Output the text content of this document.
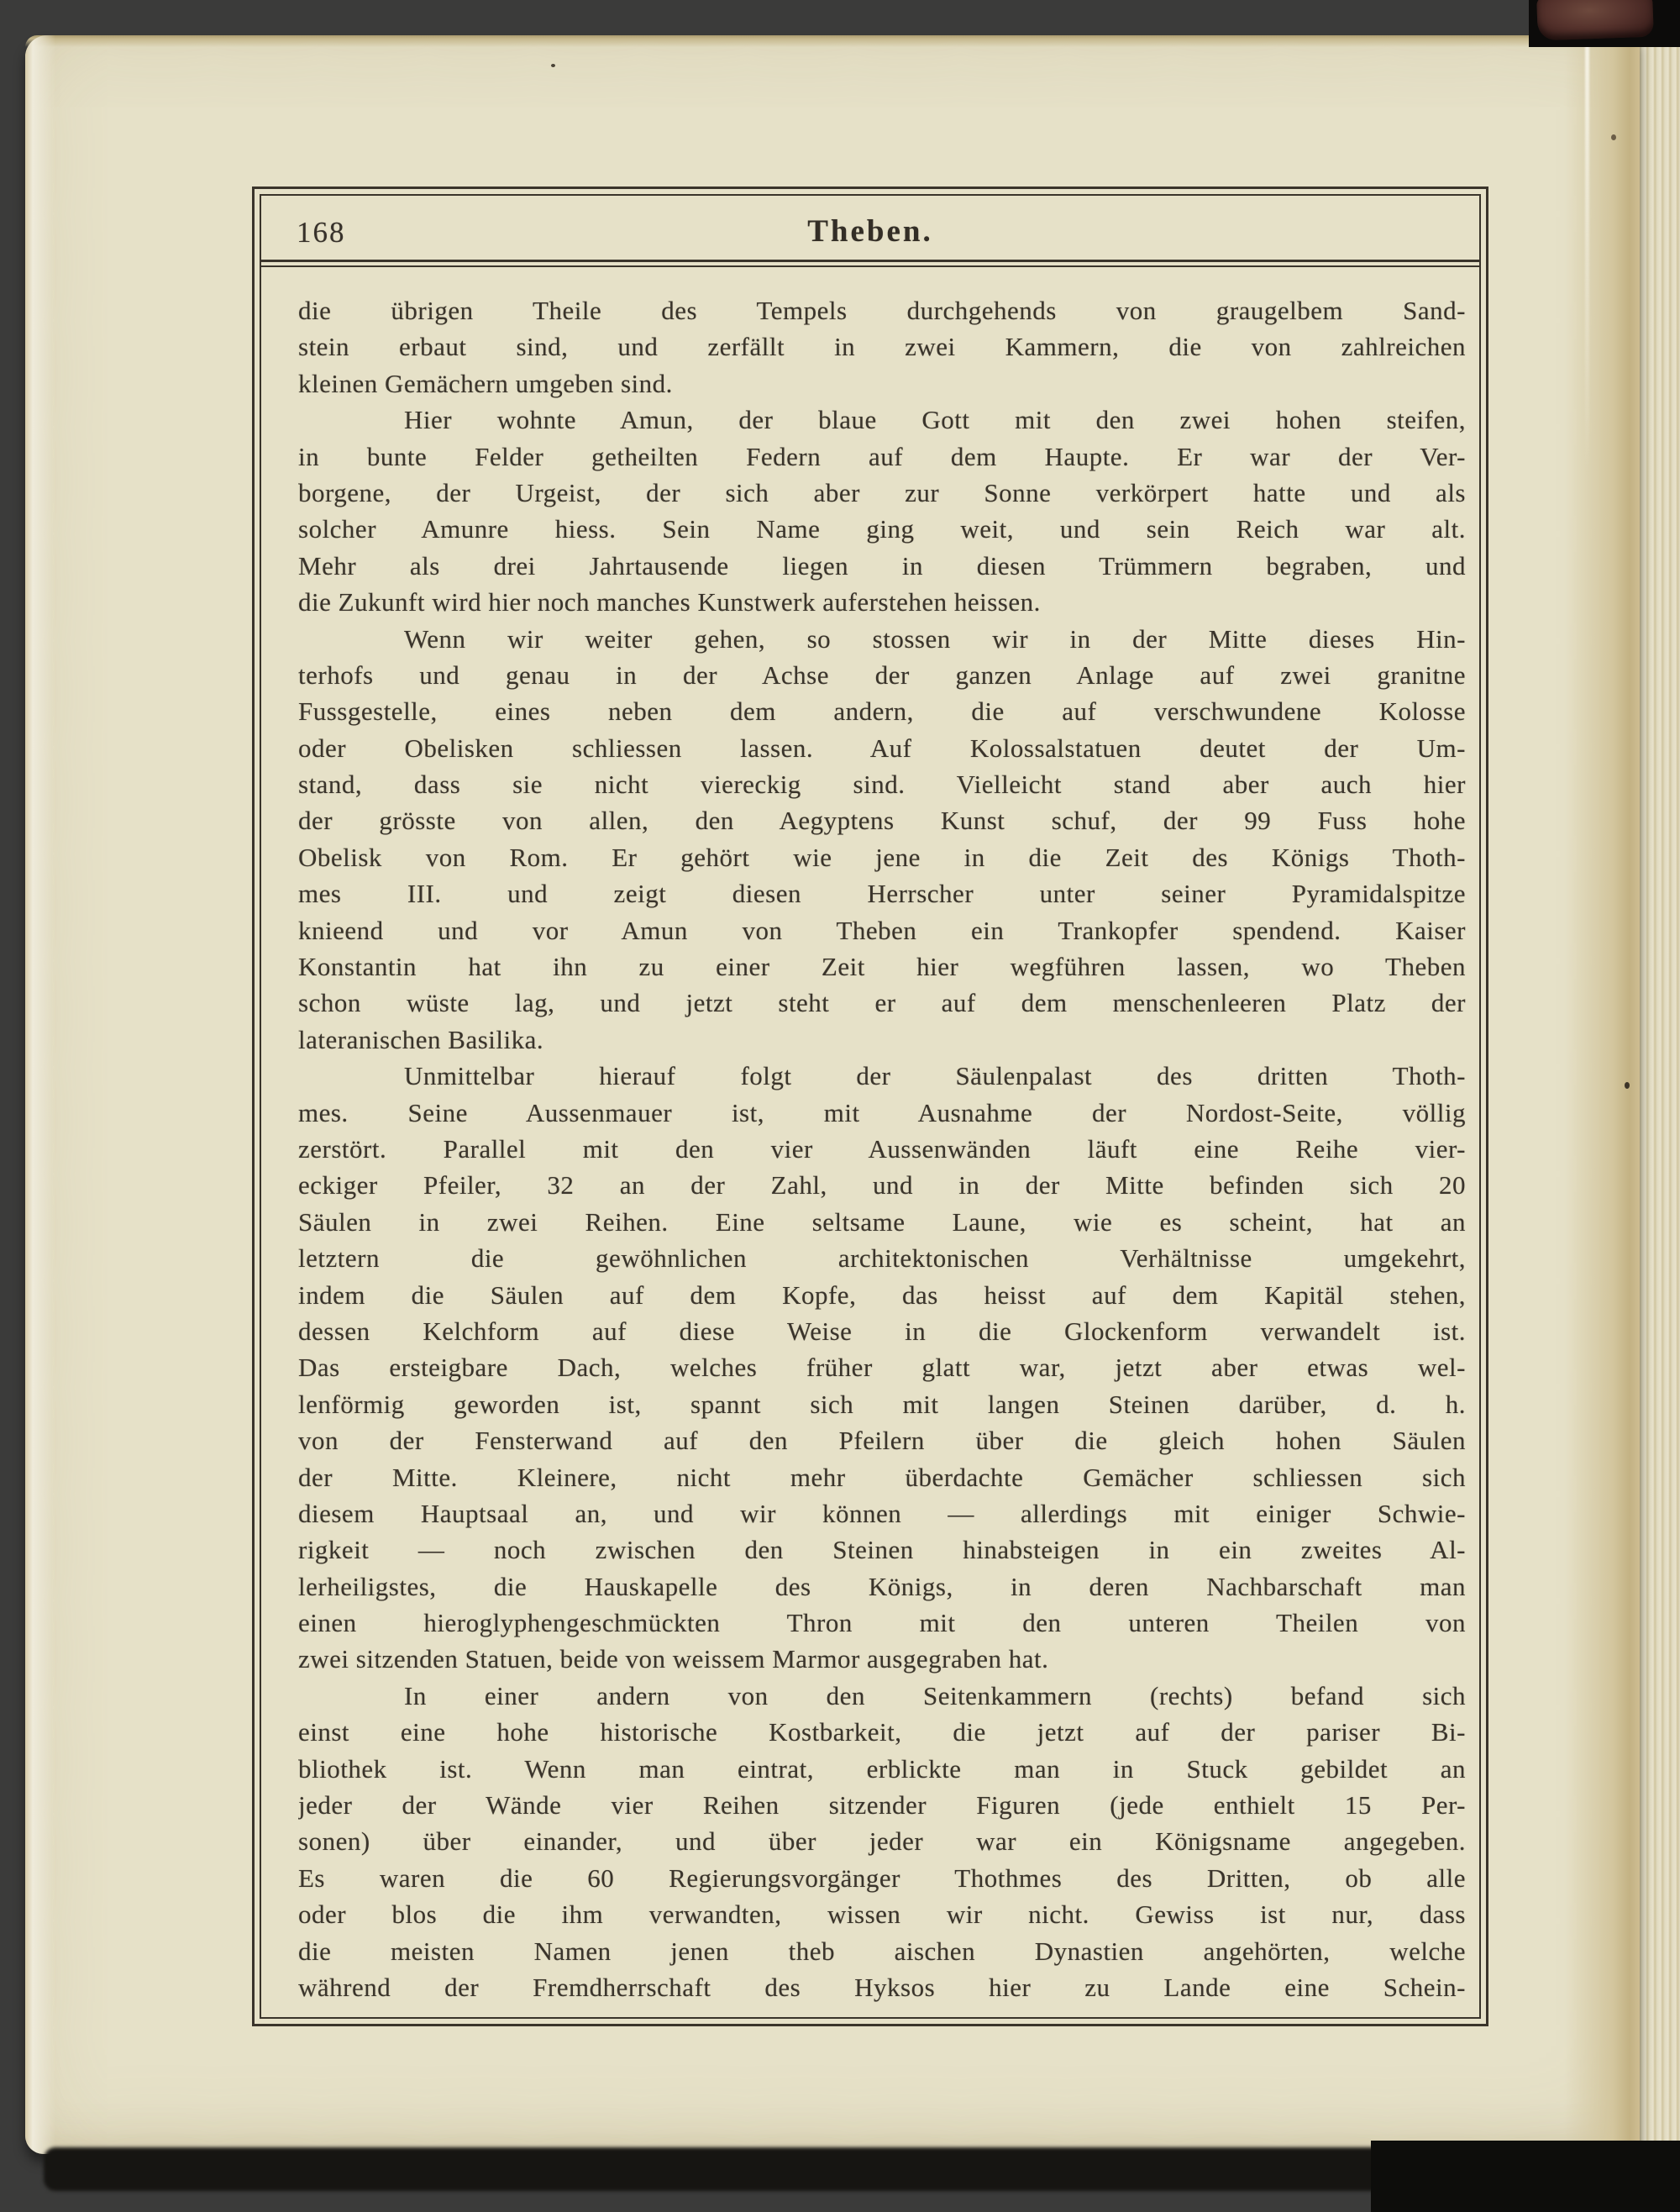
168	Theben.
die übrigen Theile des Tempels durchgehends von graugelbem Sand-
stein erbaut sind, und zerfällt in zwei Kammern, die von zahlreichen
kleinen Gemächern umgeben sind.
Hier wohnte Amun, der blaue Gott mit den zwei hohen steifen,
in bunte Felder getheilten Federn auf dem Haupte. Er war der Ver-
borgene, der Urgeist, der sich aber zur Sonne verkörpert hatte und als
solcher Amunre hiess. Sein Name ging weit, und sein Reich war alt.
Mehr als drei Jahrtausende liegen in diesen Trümmern begraben, und
die Zukunft wird hier noch manches Kunstwerk auferstehen heissen.
Wenn wir weiter gehen, so stossen wir in der Mitte dieses Hin-
terhofs und genau in der Achse der ganzen Anlage auf zwei granitne
Fussgestelle, eines neben dem andern, die auf verschwundene Kolosse
oder Obelisken schliessen lassen. Auf Kolossalstatuen deutet der Um-
stand, dass sie nicht viereckig sind. Vielleicht stand aber auch hier
der grösste von allen, den Aegyptens Kunst schuf, der 99 Fuss hohe
Obelisk von Rom. Er gehört wie jene in die Zeit des Königs Thoth-
mes III. und zeigt diesen Herrscher unter seiner Pyramidalspitze
knieend und vor Amun von Theben ein Trankopfer spendend. Kaiser
Konstantin hat ihn zu einer Zeit hier wegführen lassen, wo Theben
schon wüste lag, und jetzt steht er auf dem menschenleeren Platz der
lateranischen Basilika.
Unmittelbar hierauf folgt der Säulenpalast des dritten Thoth-
mes. Seine Aussenmauer ist, mit Ausnahme der Nordost-Seite, völlig
zerstört. Parallel mit den vier Aussenwänden läuft eine Reihe vier-
eckiger Pfeiler, 32 an der Zahl, und in der Mitte befinden sich 20
Säulen in zwei Reihen. Eine seltsame Laune, wie es scheint, hat an
letztern die gewöhnlichen architektonischen Verhältnisse umgekehrt,
indem die Säulen auf dem Kopfe, das heisst auf dem Kapitäl stehen,
dessen Kelchform auf diese Weise in die Glockenform verwandelt ist.
Das ersteigbare Dach, welches früher glatt war, jetzt aber etwas wel-
lenförmig geworden ist, spannt sich mit langen Steinen darüber, d. h.
von der Fensterwand auf den Pfeilern über die gleich hohen Säulen
der Mitte. Kleinere, nicht mehr überdachte Gemächer schliessen sich
diesem Hauptsaal an, und wir können — allerdings mit einiger Schwie-
rigkeit — noch zwischen den Steinen hinabsteigen in ein zweites Al-
lerheiligstes, die Hauskapelle des Königs, in deren Nachbarschaft man
einen hieroglyphengeschmückten Thron mit den unteren Theilen von
zwei sitzenden Statuen, beide von weissem Marmor ausgegraben hat.
In einer andern von den Seitenkammern (rechts) befand sich
einst eine hohe historische Kostbarkeit, die jetzt auf der pariser Bi-
bliothek ist. Wenn man eintrat, erblickte man in Stuck gebildet an
jeder der Wände vier Reihen sitzender Figuren (jede enthielt 15 Per-
sonen) über einander, und über jeder war ein Königsname angegeben.
Es waren die 60 Regierungsvorgänger Thothmes des Dritten, ob alle
oder blos die ihm verwandten, wissen wir nicht. Gewiss ist nur, dass
die meisten Namen jenen theb aischen Dynastien angehörten, welche
während der Fremdherrschaft des Hyksos hier zu Lande eine Schein-
